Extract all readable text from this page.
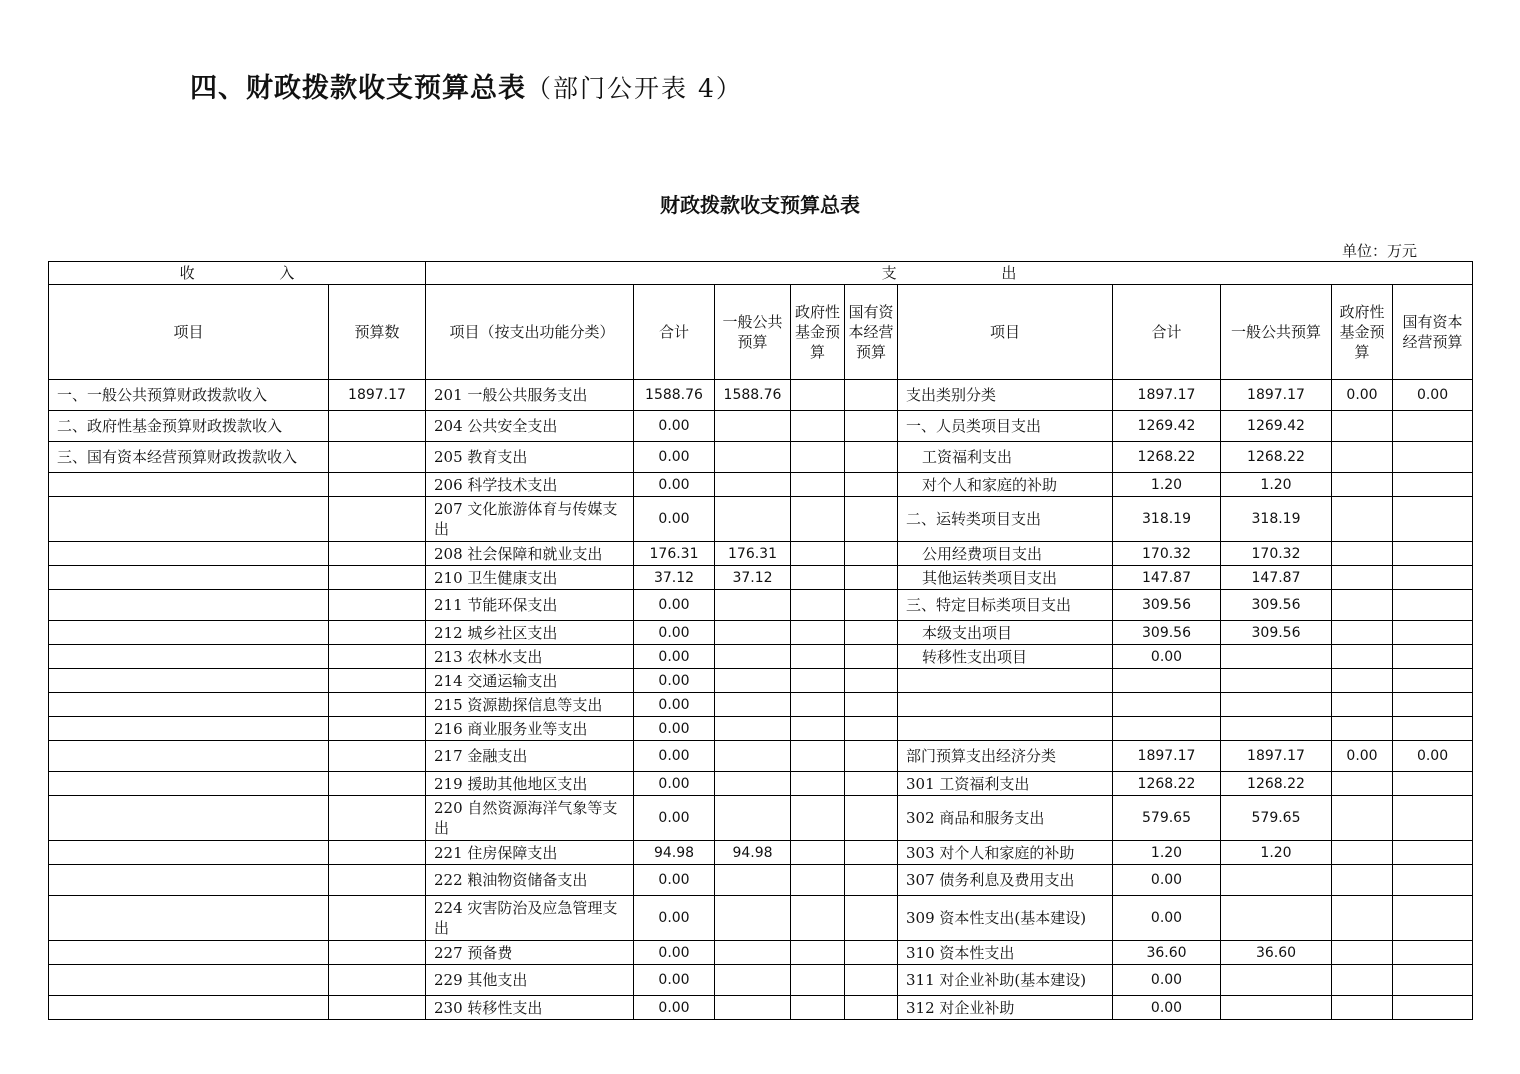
四、财政拨款收支预算总表（部门公开表 4）
财政拨款收支预算总表
单位：万元
收 入		支 出									
项目	预算数	项目（按支出功能分类）	合计	一般公共预算	政府性基金预算	国有资本经营预算	项目	合计	一般公共预算	政府性基金预算	国有资本经营预算
一、一般公共预算财政拨款收入	1897.17	201 一般公共服务支出	1588.76	1588.76			支出类别分类	1897.17	1897.17	0.00	0.00
二、政府性基金预算财政拨款收入		204 公共安全支出	0.00				一、人员类项目支出	1269.42	1269.42		
三、国有资本经营预算财政拨款收入		205 教育支出	0.00				工资福利支出	1268.22	1268.22		
		206 科学技术支出	0.00				对个人和家庭的补助	1.20	1.20		
		207 文化旅游体育与传媒支出	0.00				二、运转类项目支出	318.19	318.19		
		208 社会保障和就业支出	176.31	176.31			公用经费项目支出	170.32	170.32		
		210 卫生健康支出	37.12	37.12			其他运转类项目支出	147.87	147.87		
		211 节能环保支出	0.00				三、特定目标类项目支出	309.56	309.56		
		212 城乡社区支出	0.00				本级支出项目	309.56	309.56		
		213 农林水支出	0.00				转移性支出项目	0.00			
		214 交通运输支出	0.00								
		215 资源勘探信息等支出	0.00								
		216 商业服务业等支出	0.00								
		217 金融支出	0.00				部门预算支出经济分类	1897.17	1897.17	0.00	0.00
		219 援助其他地区支出	0.00				301 工资福利支出	1268.22	1268.22		
		220 自然资源海洋气象等支出	0.00				302 商品和服务支出	579.65	579.65		
		221 住房保障支出	94.98	94.98			303 对个人和家庭的补助	1.20	1.20		
		222 粮油物资储备支出	0.00				307 债务利息及费用支出	0.00			
		224 灾害防治及应急管理支出	0.00				309 资本性支出(基本建设)	0.00			
		227 预备费	0.00				310 资本性支出	36.60	36.60		
		229 其他支出	0.00				311 对企业补助(基本建设)	0.00			
		230 转移性支出	0.00				312 对企业补助	0.00			
